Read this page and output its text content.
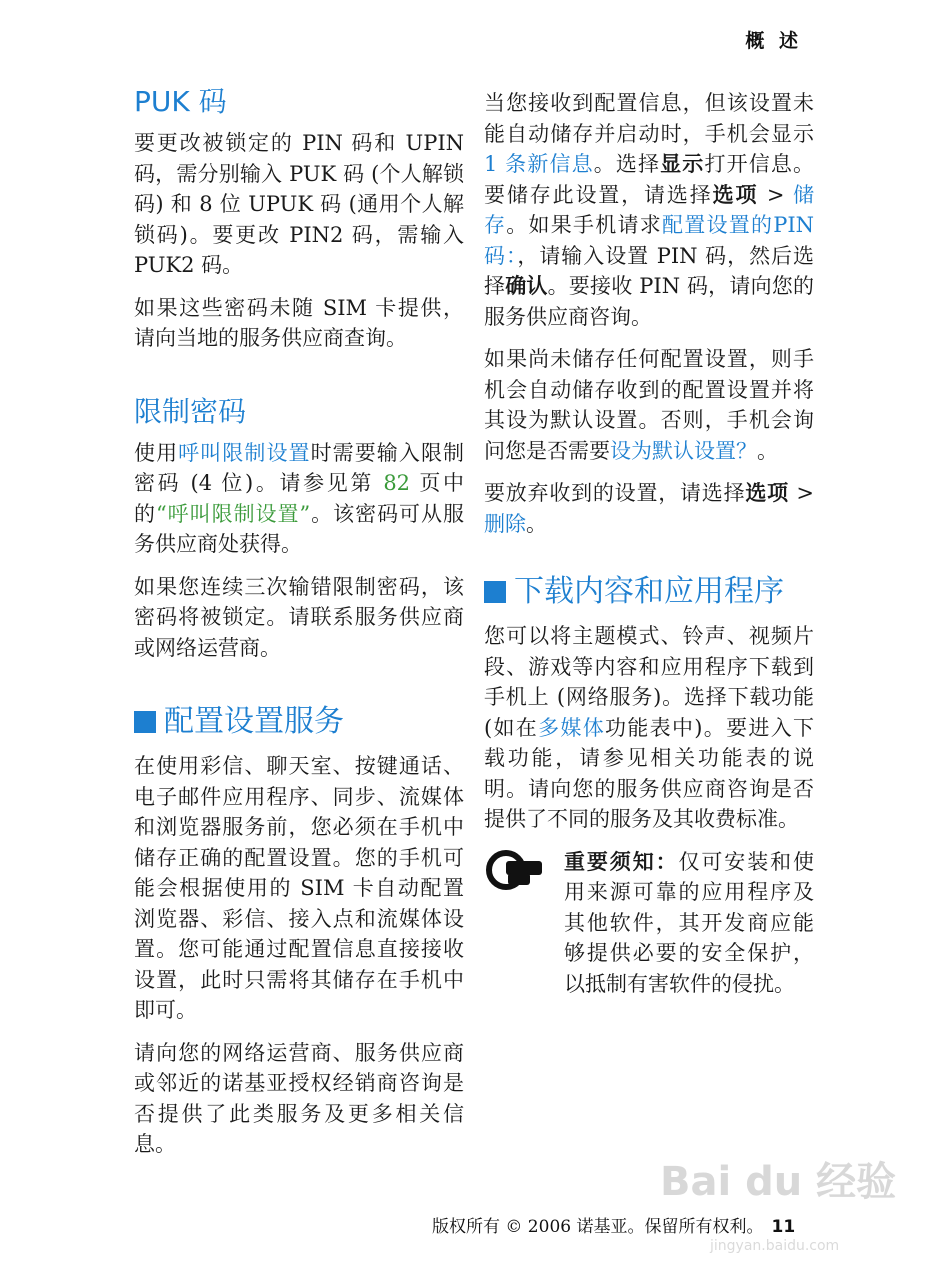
概 述
PUK 码

要更改被锁定的 PIN 码和 UPIN 码，需分别输入 PUK 码 (个人解锁码) 和 8 位 UPUK 码 (通用个人解锁码)。要更改 PIN2 码，需输入 PUK2 码。

如果这些密码未随 SIM 卡提供，请向当地的服务供应商查询。

限制密码

使用呼叫限制设置时需要输入限制密码 (4 位)。请参见第 82 页中的“呼叫限制设置”。该密码可从服务供应商处获得。

如果您连续三次输错限制密码，该密码将被锁定。请联系服务供应商或网络运营商。

配置设置服务

在使用彩信、聊天室、按键通话、电子邮件应用程序、同步、流媒体和浏览器服务前，您必须在手机中储存正确的配置设置。您的手机可能会根据使用的 SIM 卡自动配置浏览器、彩信、接入点和流媒体设置。您可能通过配置信息直接接收设置，此时只需将其储存在手机中即可。

请向您的网络运营商、服务供应商或邻近的诺基亚授权经销商咨询是否提供了此类服务及更多相关信息。

当您接收到配置信息，但该设置未能自动储存并启动时，手机会显示 1 条新信息。选择显示打开信息。要储存此设置，请选择选项 > 储存。如果手机请求配置设置的PIN码：，请输入设置 PIN 码，然后选择确认。要接收 PIN 码，请向您的服务供应商咨询。

如果尚未储存任何配置设置，则手机会自动储存收到的配置设置并将其设为默认设置。否则，手机会询问您是否需要设为默认设置？。

要放弃收到的设置，请选择选项 > 删除。

下载内容和应用程序

您可以将主题模式、铃声、视频片段、游戏等内容和应用程序下载到手机上 (网络服务)。选择下载功能 (如在多媒体功能表中)。要进入下载功能，请参见相关功能表的说明。请向您的服务供应商咨询是否提供了不同的服务及其收费标准。

重要须知：仅可安装和使用来源可靠的应用程序及其他软件，其开发商应能够提供必要的安全保护，以抵制有害软件的侵扰。

Bai du 经验
jingyan.baidu.com
版权所有 © 2006 诺基亚。保留所有权利。 11
